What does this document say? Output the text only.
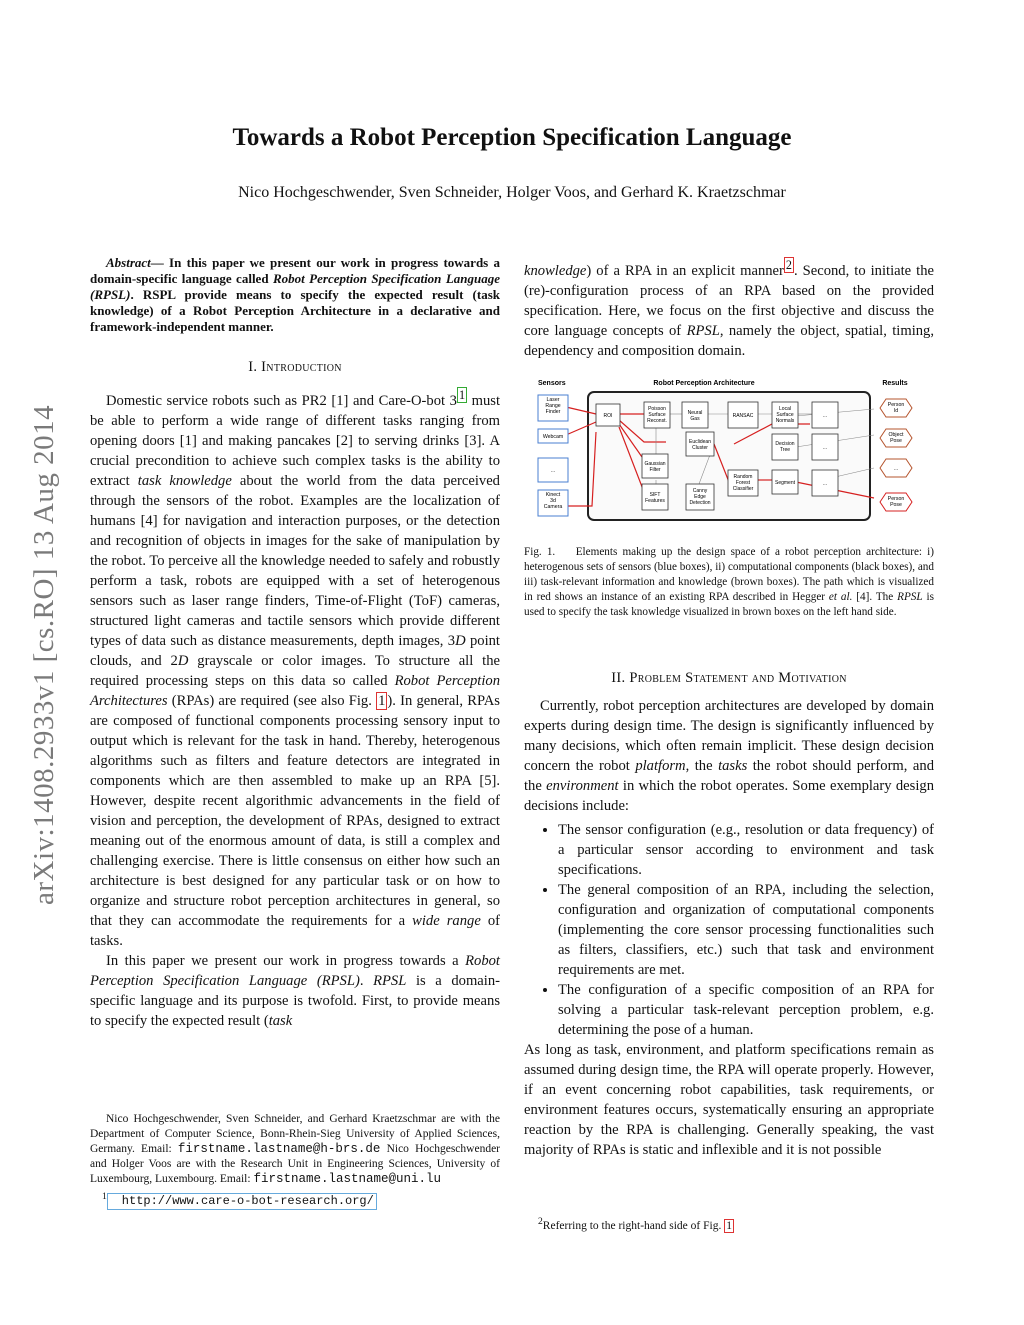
arXiv:1408.2933v1 [cs.RO] 13 Aug 2014
Towards a Robot Perception Specification Language
Nico Hochgeschwender, Sven Schneider, Holger Voos, and Gerhard K. Kraetzschmar

Abstract— In this paper we present our work in progress towards a domain-specific language called Robot Perception Specification Language (RPSL). RSPL provide means to specify the expected result (task knowledge) of a Robot Perception Architecture in a declarative and framework-independent manner.

I. Introduction

Domestic service robots such as PR2 [1] and Care-O-bot 3 $^1$ must be able to perform a wide range of different tasks ranging from opening doors [1] and making pancakes [2] to serving drinks [3]. A crucial precondition to achieve such complex tasks is the ability to extract task knowledge about the world from the data perceived through the sensors of the robot. Examples are the localization of humans [4] for navigation and interaction purposes, or the detection and recognition of objects in images for the sake of manipulation by the robot. To perceive all the knowledge needed to safely and robustly perform a task, robots are equipped with a set of heterogenous sensors such as laser range finders, Time-of-Flight (ToF) cameras, structured light cameras and tactile sensors which provide different types of data such as distance measurements, depth images, 3D point clouds, and 2D grayscale or color images. To structure all the required processing steps on this data so called Robot Perception Architectures (RPAs) are required (see also Fig. 1 ). In general, RPAs are composed of functional components processing sensory input to output which is relevant for the task in hand. Thereby, heterogenous algorithms such as filters and feature detectors are integrated in components which are then assembled to make up an RPA [5]. However, despite recent algorithmic advancements in the field of vision and perception, the development of RPAs, designed to extract meaning out of the enormous amount of data, is still a complex and challenging exercise. There is little consensus on either how such an architecture is best designed for any particular task or on how to organize and structure robot perception architectures in general, so that they can accommodate the requirements for a wide range of tasks.

In this paper we present our work in progress towards a Robot Perception Specification Language (RPSL). RPSL is a domain-specific language and its purpose is twofold. First, to provide means to specify the expected result (task

Nico Hochgeschwender, Sven Schneider, and Gerhard Kraetzschmar are with the Department of Computer Science, Bonn-Rhein-Sieg University of Applied Sciences, Germany. Email: firstname.lastname@h-brs.de Nico Hochgeschwender and Holger Voos are with the Research Unit in Engineering Sciences, University of Luxembourg, Luxembourg. Email: firstname.lastname@uni.lu
$^1$ http://www.care-o-bot-research.org/

knowledge) of a RPA in an explicit manner $^2$ . Second, to initiate the (re)-configuration process of an RPA based on the provided specification. Here, we focus on the first objective and discuss the core language concepts of RPSL, namely the object, spatial, timing, dependency and composition domain.

Sensors	Robot Perception Architecture	Results
Laser Range Finder
Webcam
...
Kinect 3d Camera
ROI
Poisson Surface Reconst.
Neural Gas	RANSAC
Local Surface Normals
...
Euclidean Cluster
Decision Tree	...
Gaussian Filter
Random Forest Classifier
Segment	...
SIFT Features
Canny Edge Detection
Person Id
Object Pose
...
Person Pose
Fig. 1. Elements making up the design space of a robot perception architecture: i) heterogenous sets of sensors (blue boxes), ii) computational components (black boxes), and iii) task-relevant information and knowledge (brown boxes). The path which is visualized in red shows an instance of an existing RPA described in Hegger et al. [4]. The RPSL is used to specify the task knowledge visualized in brown boxes on the left hand side.
II. Problem Statement and Motivation

Currently, robot perception architectures are developed by domain experts during design time. The design is significantly influenced by many decisions, which often remain implicit. These design decision concern the robot platform, the tasks the robot should perform, and the environment in which the robot operates. Some exemplary design decisions include:

• The sensor configuration (e.g., resolution or data frequency) of a particular sensor according to environment and task specifications.
• The general composition of an RPA, including the selection, configuration and organization of computational components (implementing the core sensor processing functionalities such as filters, classifiers, etc.) such that task and environment requirements are met.
• The configuration of a specific composition of an RPA for solving a particular task-relevant perception problem, e.g. determining the pose of a human.

As long as task, environment, and platform specifications remain as assumed during design time, the RPA will operate properly. However, if an event concerning robot capabilities, task requirements, or environment features occurs, systematically ensuring an appropriate reaction by the RPA is challenging. Generally speaking, the vast majority of RPAs is static and inflexible and it is not possible

$^2$Referring to the right-hand side of Fig. 1
